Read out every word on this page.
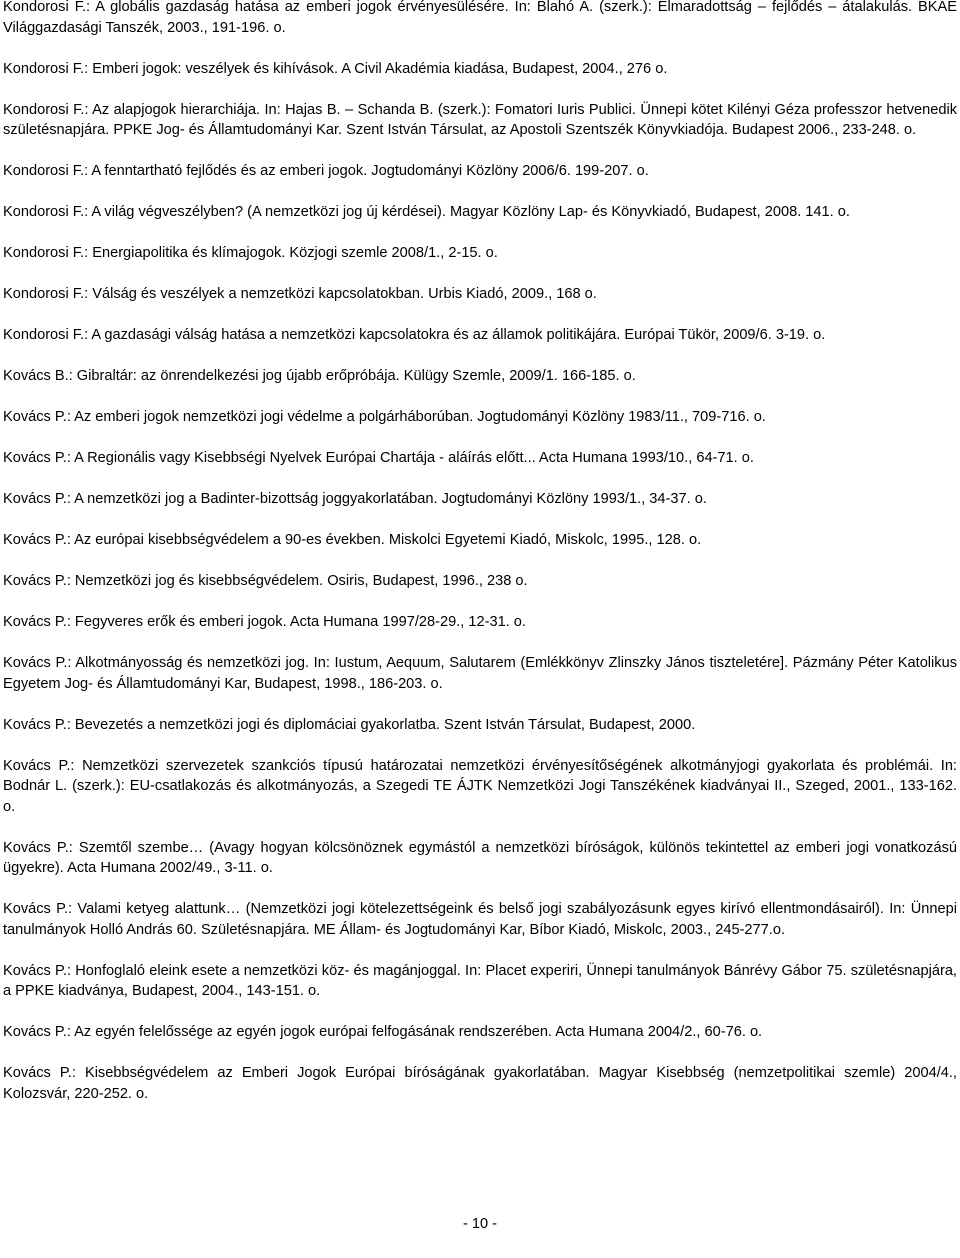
Kondorosi F.: A globális gazdaság hatása az emberi jogok érvényesülésére. In: Blahó A. (szerk.): Elmaradottság – fejlődés – átalakulás. BKÁE Világgazdasági Tanszék, 2003., 191-196. o.

Kondorosi F.: Emberi jogok: veszélyek és kihívások. A Civil Akadémia kiadása, Budapest, 2004., 276 o.

Kondorosi F.: Az alapjogok hierarchiája. In: Hajas B. – Schanda B. (szerk.): Fomatori Iuris Publici. Ünnepi kötet Kilényi Géza professzor hetvenedik születésnapjára. PPKE Jog- és Államtudományi Kar. Szent István Társulat, az Apostoli Szentszék Könyvkiadója. Budapest 2006., 233-248. o.

Kondorosi F.: A fenntartható fejlődés és az emberi jogok. Jogtudományi Közlöny 2006/6. 199-207. o.

Kondorosi F.: A világ végveszélyben? (A nemzetközi jog új kérdései). Magyar Közlöny Lap- és Könyvkiadó, Budapest, 2008. 141. o.

Kondorosi F.: Energiapolitika és klímajogok. Közjogi szemle 2008/1., 2-15. o.

Kondorosi F.: Válság és veszélyek a nemzetközi kapcsolatokban. Urbis Kiadó, 2009., 168 o.

Kondorosi F.: A gazdasági válság hatása a nemzetközi kapcsolatokra és az államok politikájára. Európai Tükör, 2009/6. 3-19. o.

Kovács B.: Gibraltár: az önrendelkezési jog újabb erőpróbája. Külügy Szemle, 2009/1. 166-185. o.

Kovács P.: Az emberi jogok nemzetközi jogi védelme a polgárháborúban. Jogtudományi Közlöny 1983/11., 709-716. o.

Kovács P.: A Regionális vagy Kisebbségi Nyelvek Európai Chartája - aláírás előtt... Acta Humana 1993/10., 64-71. o.

Kovács P.: A nemzetközi jog a Badinter-bizottság joggyakorlatában. Jogtudományi Közlöny 1993/1., 34-37. o.

Kovács P.: Az európai kisebbségvédelem a 90-es években. Miskolci Egyetemi Kiadó, Miskolc, 1995., 128. o.

Kovács P.: Nemzetközi jog és kisebbségvédelem. Osiris, Budapest, 1996., 238 o.

Kovács P.: Fegyveres erők és emberi jogok. Acta Humana 1997/28-29., 12-31. o.

Kovács P.: Alkotmányosság és nemzetközi jog. In: Iustum, Aequum, Salutarem (Emlékkönyv Zlinszky János tiszteletére]. Pázmány Péter Katolikus Egyetem Jog- és Államtudományi Kar, Budapest, 1998., 186-203. o.

Kovács P.: Bevezetés a nemzetközi jogi és diplomáciai gyakorlatba. Szent István Társulat, Budapest, 2000.

Kovács P.: Nemzetközi szervezetek szankciós típusú határozatai nemzetközi érvényesítőségének alkotmányjogi gyakorlata és problémái. In: Bodnár L. (szerk.): EU-csatlakozás és alkotmányozás, a Szegedi TE ÁJTK Nemzetközi Jogi Tanszékének kiadványai II., Szeged, 2001., 133-162. o.

Kovács P.: Szemtől szembe… (Avagy hogyan kölcsönöznek egymástól a nemzetközi bíróságok, különös tekintettel az emberi jogi vonatkozású ügyekre). Acta Humana 2002/49., 3-11. o.

Kovács P.: Valami ketyeg alattunk… (Nemzetközi jogi kötelezettségeink és belső jogi szabályozásunk egyes kirívó ellentmondásairól). In: Ünnepi tanulmányok Holló András 60. Születésnapjára. ME Állam- és Jogtudományi Kar, Bíbor Kiadó, Miskolc, 2003., 245-277.o.

Kovács P.: Honfoglaló eleink esete a nemzetközi köz- és magánjoggal. In: Placet experiri, Ünnepi tanulmányok Bánrévy Gábor 75. születésnapjára, a PPKE kiadványa, Budapest, 2004., 143-151. o.

Kovács P.: Az egyén felelőssége az egyén jogok európai felfogásának rendszerében. Acta Humana 2004/2., 60-76. o.

Kovács P.: Kisebbségvédelem az Emberi Jogok Európai bíróságának gyakorlatában. Magyar Kisebbség (nemzetpolitikai szemle) 2004/4., Kolozsvár, 220-252. o.

- 10 -
